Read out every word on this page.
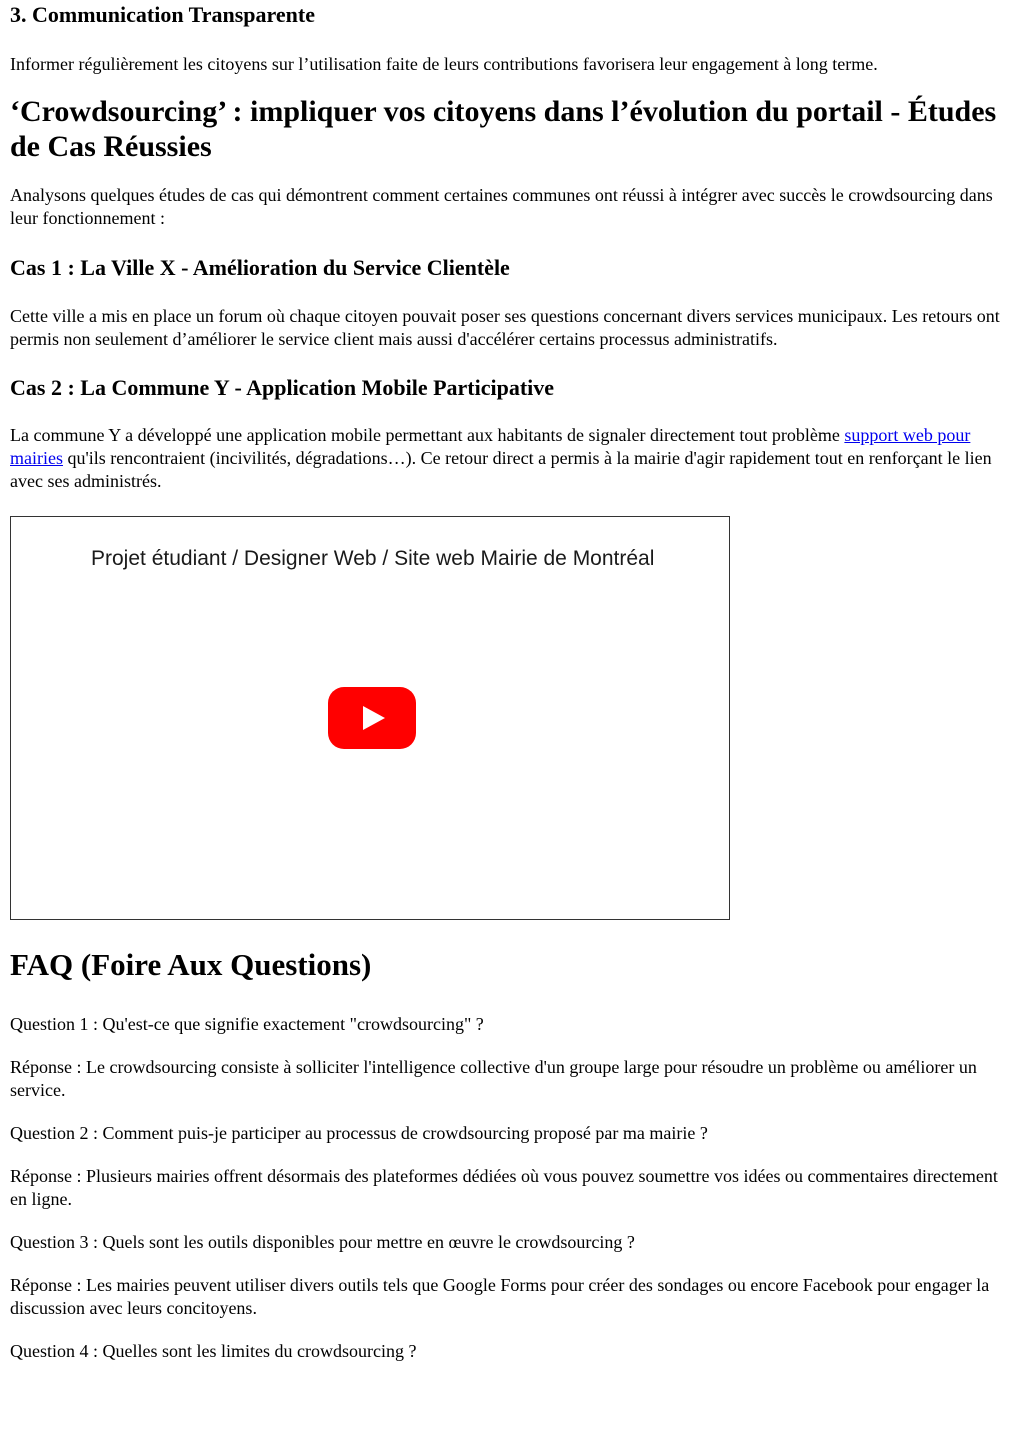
3. Communication Transparente

Informer régulièrement les citoyens sur l’utilisation faite de leurs contributions favorisera leur engagement à long terme.

‘Crowdsourcing’ : impliquer vos citoyens dans l’évolution du portail - Études de Cas Réussies

Analysons quelques études de cas qui démontrent comment certaines communes ont réussi à intégrer avec succès le crowdsourcing dans leur fonctionnement :

Cas 1 : La Ville X - Amélioration du Service Clientèle

Cette ville a mis en place un forum où chaque citoyen pouvait poser ses questions concernant divers services municipaux. Les retours ont permis non seulement d’améliorer le service client mais aussi d'accélérer certains processus administratifs.

Cas 2 : La Commune Y - Application Mobile Participative

La commune Y a développé une application mobile permettant aux habitants de signaler directement tout problème support web pour mairies qu'ils rencontraient (incivilités, dégradations…). Ce retour direct a permis à la mairie d'agir rapidement tout en renforçant le lien avec ses administrés.

Projet étudiant / Designer Web / Site web Mairie de Montréal
FAQ (Foire Aux Questions)

Question 1 : Qu'est-ce que signifie exactement "crowdsourcing" ?

Réponse : Le crowdsourcing consiste à solliciter l'intelligence collective d'un groupe large pour résoudre un problème ou améliorer un service.

Question 2 : Comment puis-je participer au processus de crowdsourcing proposé par ma mairie ?

Réponse : Plusieurs mairies offrent désormais des plateformes dédiées où vous pouvez soumettre vos idées ou commentaires directement en ligne.

Question 3 : Quels sont les outils disponibles pour mettre en œuvre le crowdsourcing ?

Réponse : Les mairies peuvent utiliser divers outils tels que Google Forms pour créer des sondages ou encore Facebook pour engager la discussion avec leurs concitoyens.

Question 4 : Quelles sont les limites du crowdsourcing ?
